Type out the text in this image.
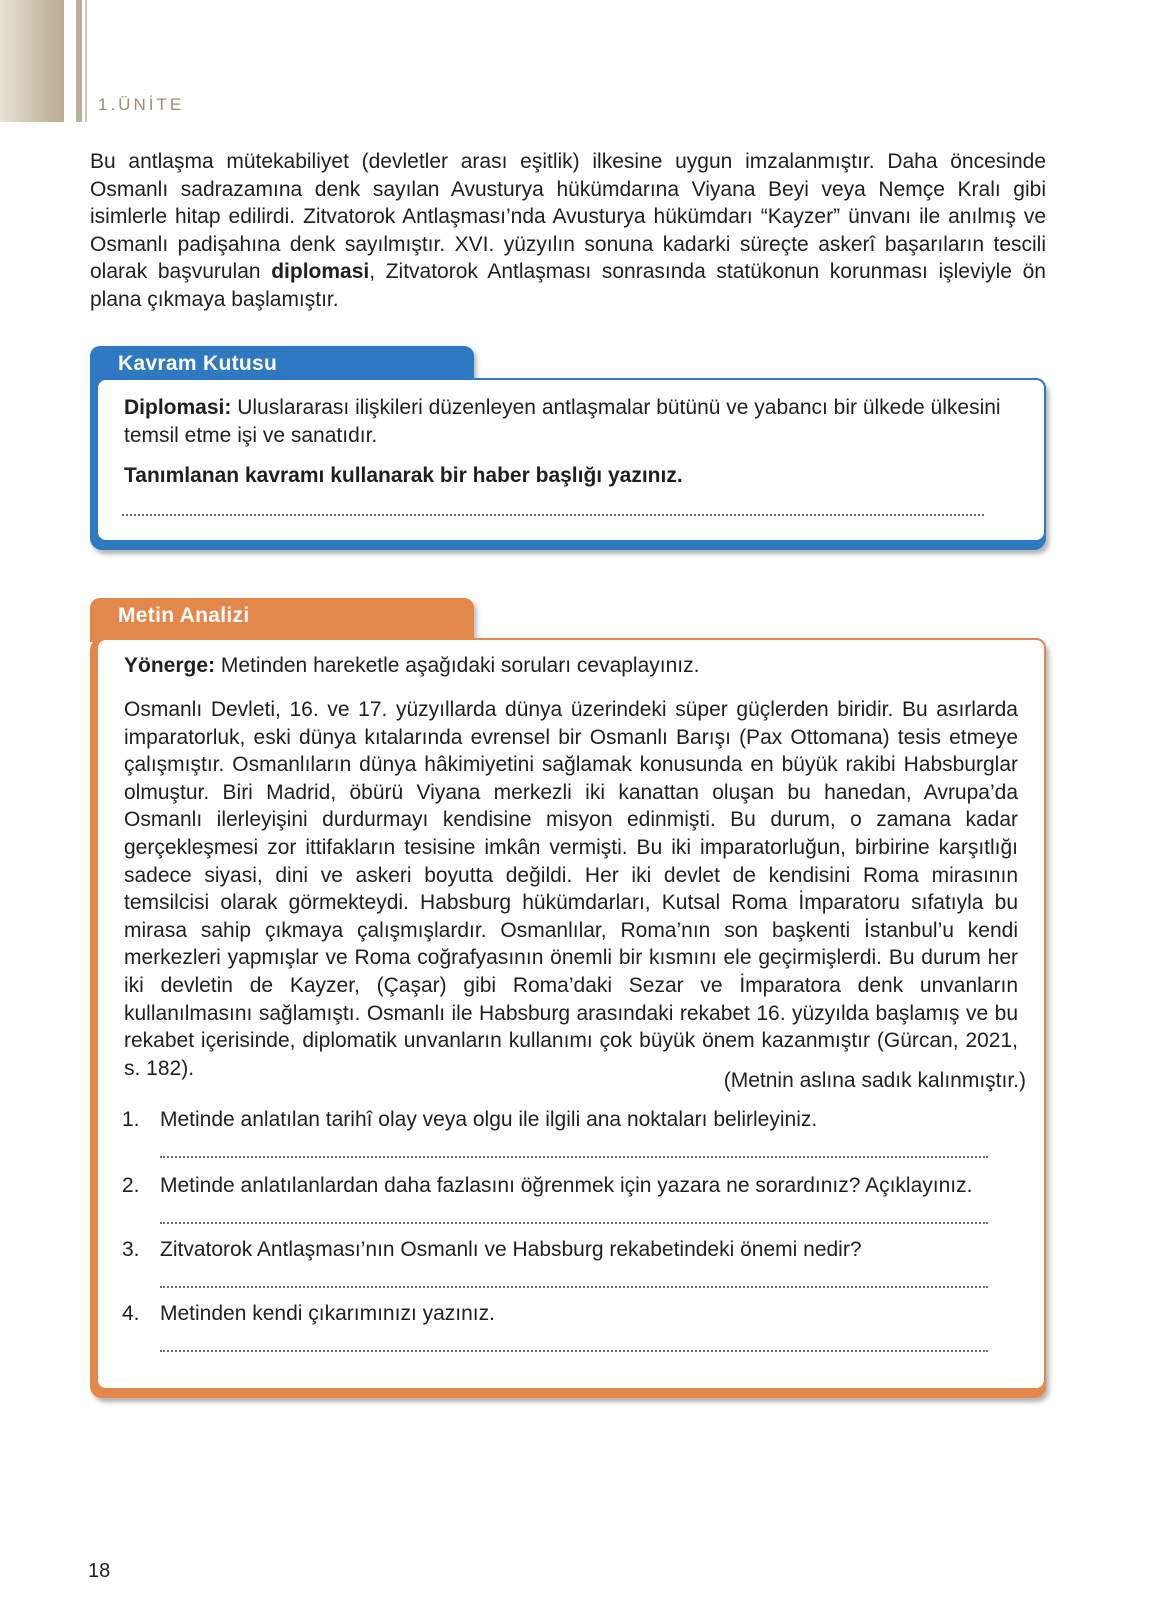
1.ÜNİTE

Bu antlaşma mütekabiliyet (devletler arası eşitlik) ilkesine uygun imzalanmıştır. Daha öncesinde Osmanlı sadrazamına denk sayılan Avusturya hükümdarına Viyana Beyi veya Nemçe Kralı gibi isimlerle hitap edilirdi. Zitvatorok Antlaşması’nda Avusturya hükümdarı “Kayzer” ünvanı ile anılmış ve Osmanlı padişahına denk sayılmıştır. XVI. yüzyılın sonuna kadarki süreçte askerî başarıların tescili olarak başvurulan diplomasi, Zitvatorok Antlaşması sonrasında statükonun korunması işleviyle ön plana çıkmaya başlamıştır.

Kavram Kutusu
Diplomasi: Uluslararası ilişkileri düzenleyen antlaşmalar bütünü ve yabancı bir ülkede ülkesini temsil etme işi ve sanatıdır.
Tanımlanan kavramı kullanarak bir haber başlığı yazınız.
Metin Analizi
Yönerge: Metinden hareketle aşağıdaki soruları cevaplayınız.
Osmanlı Devleti, 16. ve 17. yüzyıllarda dünya üzerindeki süper güçlerden biridir. Bu asırlarda imparatorluk, eski dünya kıtalarında evrensel bir Osmanlı Barışı (Pax Ottomana) tesis etmeye çalışmıştır. Osmanlıların dünya hâkimiyetini sağlamak konusunda en büyük rakibi Habsburglar olmuştur. Biri Madrid, öbürü Viyana merkezli iki kanattan oluşan bu hanedan, Avrupa’da Osmanlı ilerleyişini durdurmayı kendisine misyon edinmişti. Bu durum, o zamana kadar gerçekleşmesi zor ittifakların tesisine imkân vermişti. Bu iki imparatorluğun, birbirine karşıtlığı sadece siyasi, dini ve askeri boyutta değildi. Her iki devlet de kendisini Roma mirasının temsilcisi olarak görmekteydi. Habsburg hükümdarları, Kutsal Roma İmparatoru sıfatıyla bu mirasa sahip çıkmaya çalışmışlardır. Osmanlılar, Roma’nın son başkenti İstanbul’u kendi merkezleri yapmışlar ve Roma coğrafyasının önemli bir kısmını ele geçirmişlerdi. Bu durum her iki devletin de Kayzer, (Çaşar) gibi Roma’daki Sezar ve İmparatora denk unvanların kullanılmasını sağlamıştı. Osmanlı ile Habsburg arasındaki rekabet 16. yüzyılda başlamış ve bu rekabet içerisinde, diplomatik unvanların kullanımı çok büyük önem kazanmıştır (Gürcan, 2021, s. 182).
(Metnin aslına sadık kalınmıştır.)
1. Metinde anlatılan tarihî olay veya olgu ile ilgili ana noktaları belirleyiniz.
2. Metinde anlatılanlardan daha fazlasını öğrenmek için yazara ne sorardınız? Açıklayınız.
3. Zitvatorok Antlaşması’nın Osmanlı ve Habsburg rekabetindeki önemi nedir?
4. Metinden kendi çıkarımınızı yazınız.
18
